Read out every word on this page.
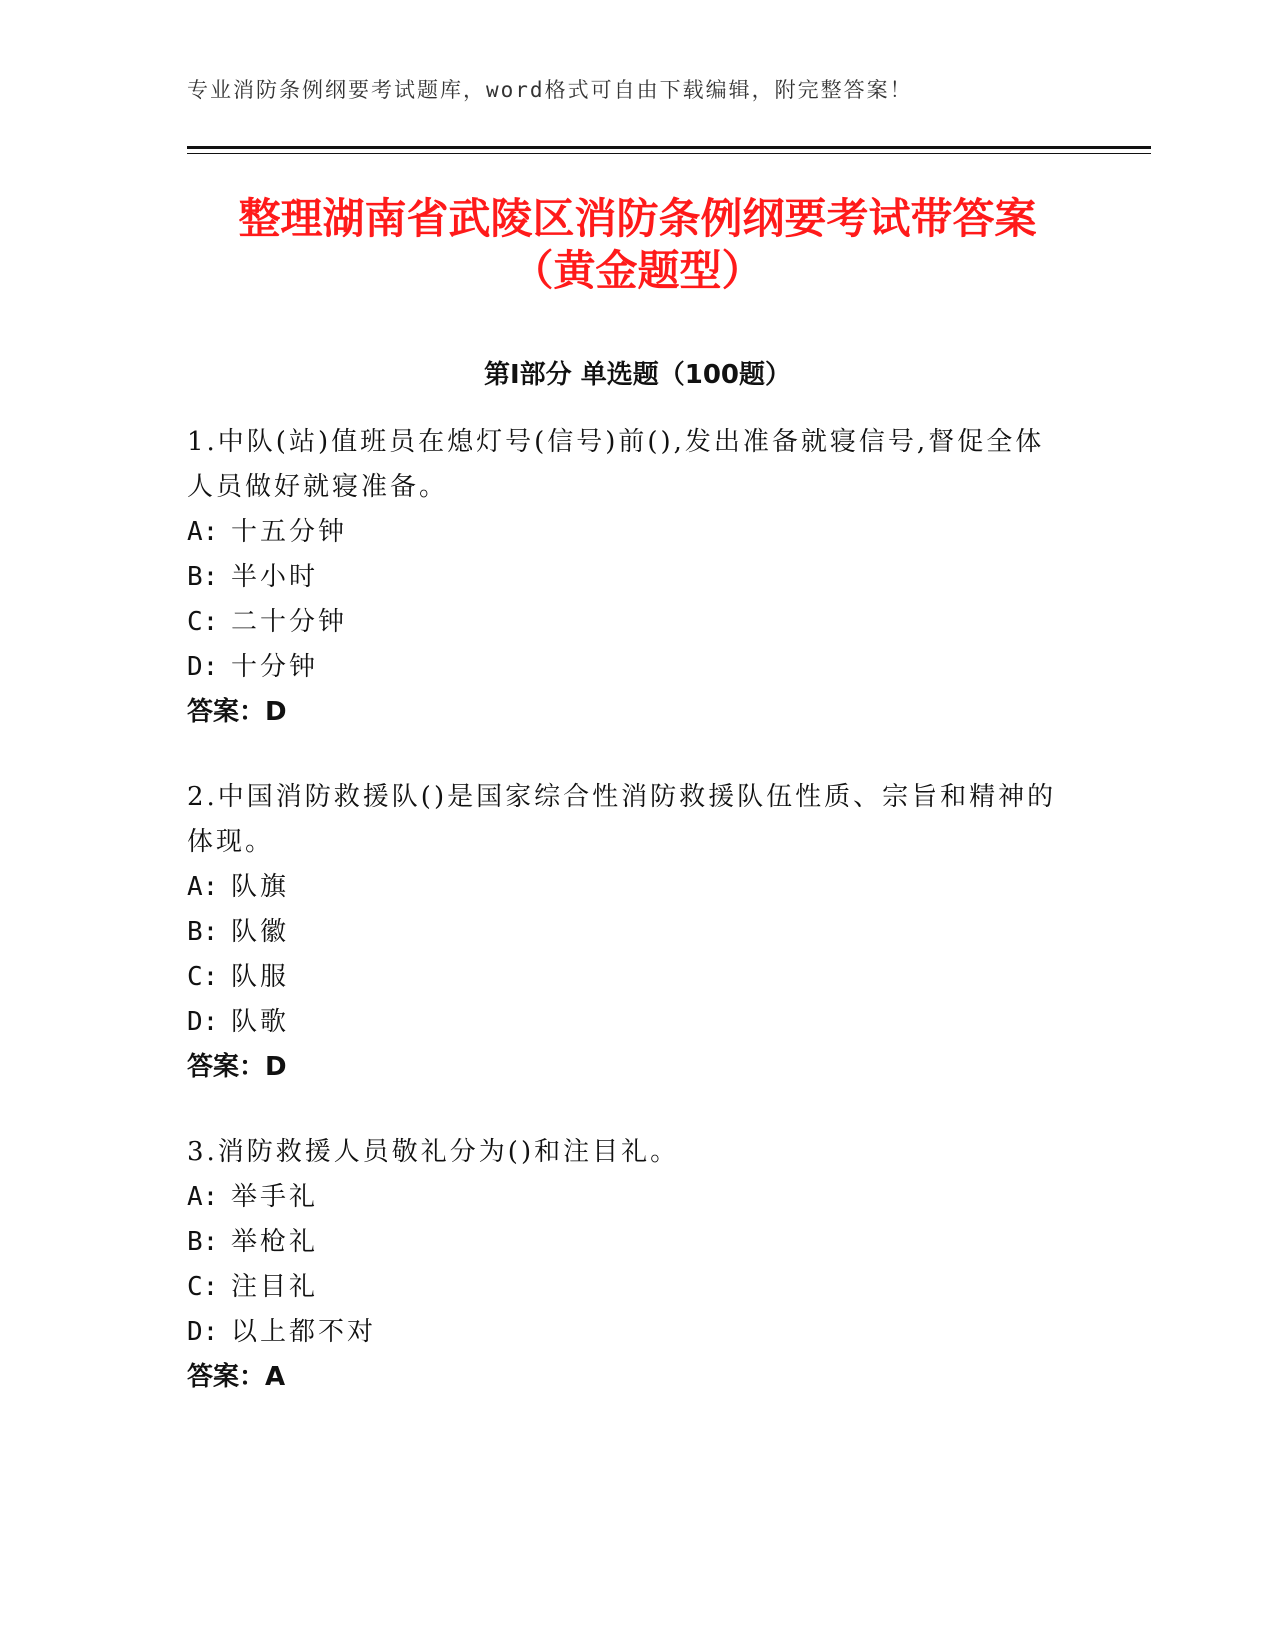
专业消防条例纲要考试题库，word格式可自由下载编辑，附完整答案！
整理湖南省武陵区消防条例纲要考试带答案
（黄金题型）
第Ⅰ部分 单选题（100题）

1.中队(站)值班员在熄灯号(信号)前(),发出准备就寝信号,督促全体人员做好就寝准备。

A: 十五分钟

B: 半小时

C: 二十分钟

D: 十分钟

答案：D

2.中国消防救援队()是国家综合性消防救援队伍性质、宗旨和精神的体现。

A: 队旗

B: 队徽

C: 队服

D: 队歌

答案：D

3.消防救援人员敬礼分为()和注目礼。

A: 举手礼

B: 举枪礼

C: 注目礼

D: 以上都不对

答案：A
